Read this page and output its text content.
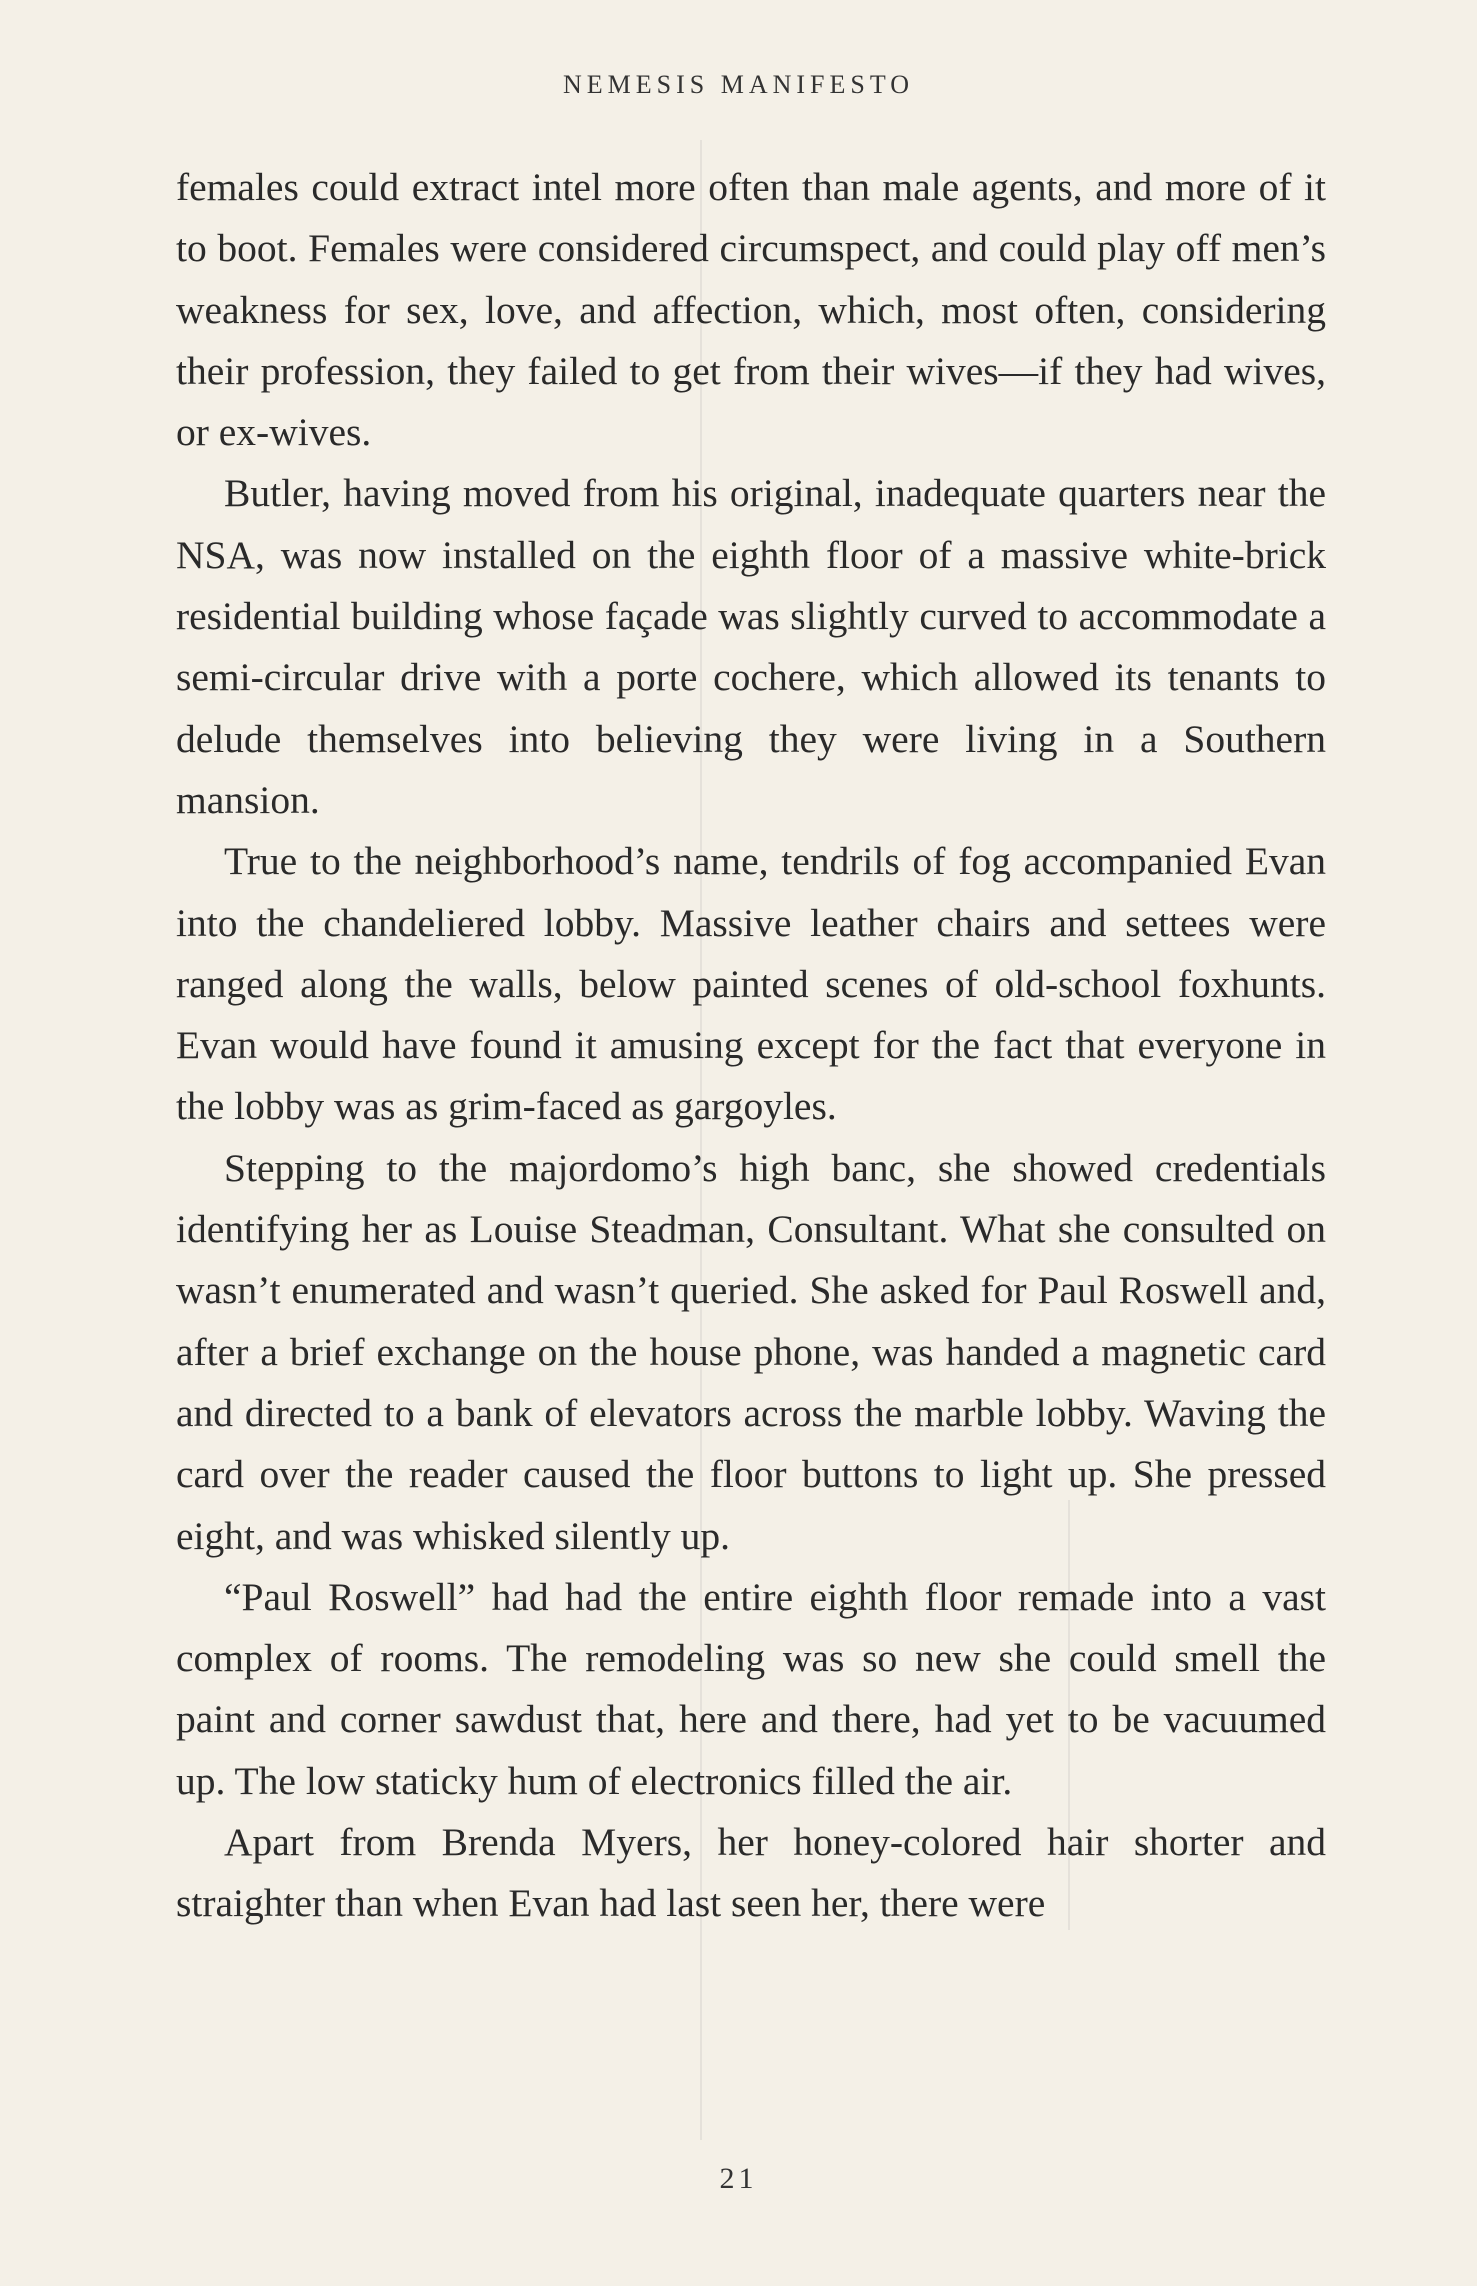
NEMESIS MANIFESTO

females could extract intel more often than male agents, and more of it to boot. Females were considered circumspect, and could play off men’s weakness for sex, love, and affection, which, most often, considering their profession, they failed to get from their wives—if they had wives, or ex-wives.

Butler, having moved from his original, inadequate quarters near the NSA, was now installed on the eighth floor of a massive white-brick residential building whose façade was slightly curved to accommodate a semi-circular drive with a porte cochere, which allowed its tenants to delude themselves into believing they were living in a Southern mansion.

True to the neighborhood’s name, tendrils of fog accompanied Evan into the chandeliered lobby. Massive leather chairs and settees were ranged along the walls, below painted scenes of old-school foxhunts. Evan would have found it amusing except for the fact that everyone in the lobby was as grim-faced as gargoyles.

Stepping to the majordomo’s high banc, she showed credentials identifying her as Louise Steadman, Consultant. What she consulted on wasn’t enumerated and wasn’t queried. She asked for Paul Roswell and, after a brief exchange on the house phone, was handed a magnetic card and directed to a bank of elevators across the marble lobby. Waving the card over the reader caused the floor buttons to light up. She pressed eight, and was whisked silently up.

“Paul Roswell” had had the entire eighth floor remade into a vast complex of rooms. The remodeling was so new she could smell the paint and corner sawdust that, here and there, had yet to be vacuumed up. The low staticky hum of electronics filled the air.

Apart from Brenda Myers, her honey-colored hair shorter and straighter than when Evan had last seen her, there were

21
